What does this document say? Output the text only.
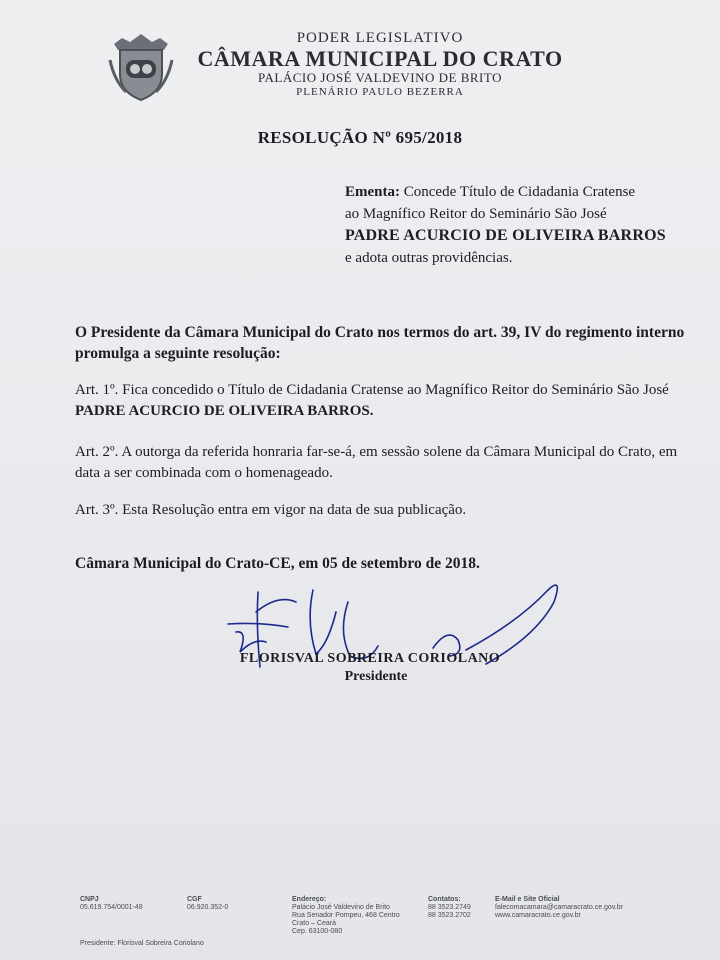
PODER LEGISLATIVO
CÂMARA MUNICIPAL DO CRATO
PALÁCIO JOSÉ VALDEVINO DE BRITO
PLENÁRIO PAULO BEZERRA
RESOLUÇÃO Nº 695/2018
Ementa: Concede Título de Cidadania Cratense
ao Magnífico Reitor do Seminário São José
PADRE ACURCIO DE OLIVEIRA BARROS
e adota outras providências.
O Presidente da Câmara Municipal do Crato nos termos do art. 39, IV do regimento interno promulga a seguinte resolução:
Art. 1º. Fica concedido o Título de Cidadania Cratense ao Magnífico Reitor do Seminário São José PADRE ACURCIO DE OLIVEIRA BARROS.
Art. 2º. A outorga da referida honraria far-se-á, em sessão solene da Câmara Municipal do Crato, em data a ser combinada com o homenageado.
Art. 3º. Esta Resolução entra em vigor na data de sua publicação.
Câmara Municipal do Crato-CE, em 05 de setembro de 2018.
FLORISVAL SOBREIRA CORIOLANO
Presidente
CNPJ
05.619.754/0001-48
CGF
06.920.352-0
Endereço:
Palácio José Valdevino de Brito
Rua Senador Pompeu, 468 Centro
Crato – Ceará
Cep. 63100-080
Contatos:
88 3523.2749
88 3523.2702
E-Mail e Site Oficial
falecomacamara@camaracrato.ce.gov.br
www.camaracrato.ce.gov.br
Presidente: Florisval Sobreira Coriolano
